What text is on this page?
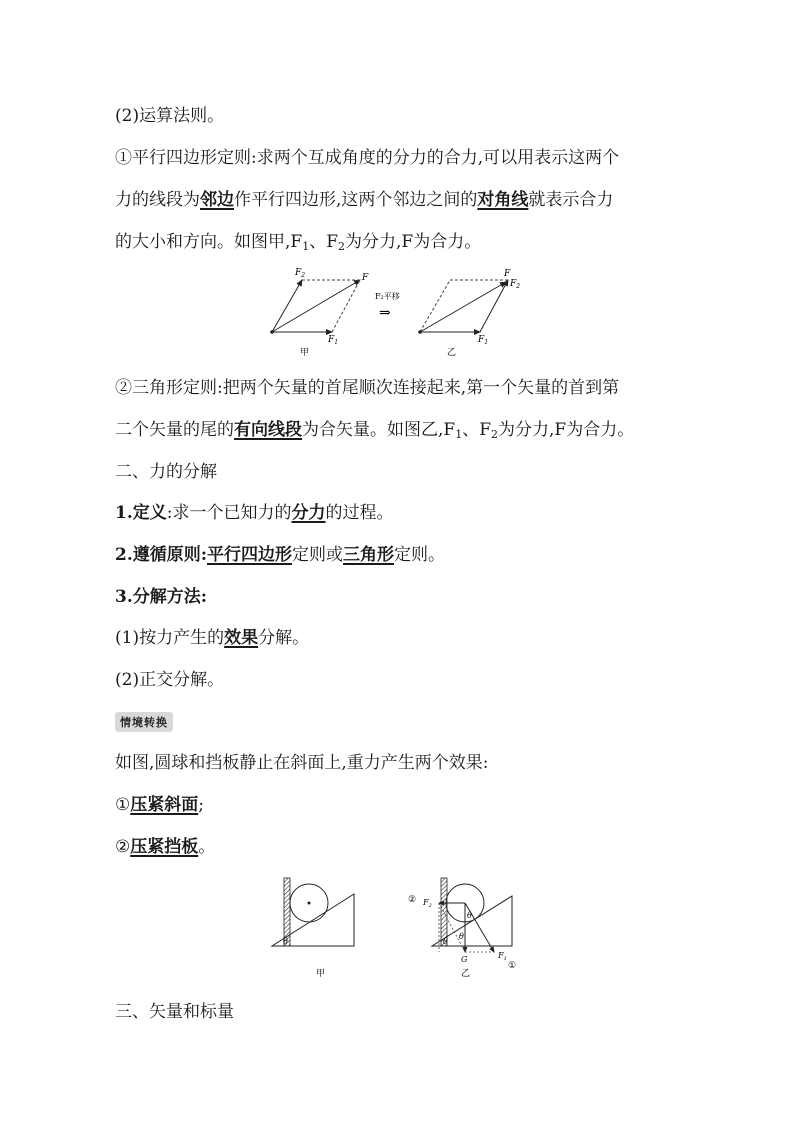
(2)运算法则。
①平行四边形定则:求两个互成角度的分力的合力,可以用表示这两个
力的线段为邻边作平行四边形,这两个邻边之间的对角线就表示合力
的大小和方向。如图甲$,F_1$、$F_2$为分力,F为合力。
$F_2$	F
$F_1$
甲
F₂平移
⇒
F
$F_2$
$F_1$
乙
②三角形定则:把两个矢量的首尾顺次连接起来,第一个矢量的首到第
二个矢量的尾的有向线段为合矢量。如图乙$,F_1$、$F_2$为分力,F为合力。
二、力的分解
1.定义:求一个已知力的分力的过程。
2.遵循原则:平行四边形定则或三角形定则。
3.分解方法:
(1)按力产生的效果分解。
(2)正交分解。
情境转换
如图,圆球和挡板静止在斜面上,重力产生两个效果:
①压紧斜面;
②压紧挡板。
θ
甲
② $F_2$
θ
θ
θ
G	$F_1$
①
乙
三、矢量和标量
